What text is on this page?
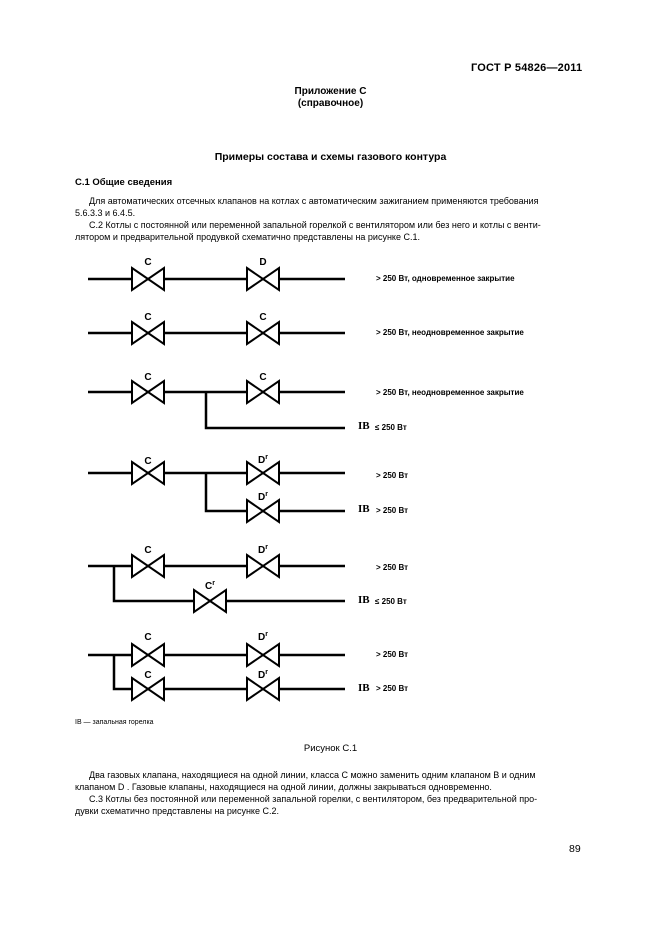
ГОСТ Р 54826—2011
Приложение С
(справочное)
Примеры состава и схемы газового контура
С.1 Общие сведения
Для автоматических отсечных клапанов на котлах с автоматическим зажиганием применяются требования
5.6.3.3 и 6.4.5.
С.2 Котлы с постоянной или переменной запальной горелкой с вентилятором или без него и котлы с венти-
лятором и предварительной продувкой схематично представлены на рисунке С.1.
С	D
С	С
С	С
С	$D^r$
$D^r$
С	$D^r$
$C^r$
С	$D^r$
С	$D^r$
> 250 Вт, одновременное закрытие
> 250 Вт, неодновременное закрытие
> 250 Вт, неодновременное закрытие
≤ 250 Вт
> 250 Вт
> 250 Вт
> 250 Вт
≤ 250 Вт
> 250 Вт
> 250 Вт
IB
IB
IB
IB
IB — запальная горелка
Рисунок С.1
Два газовых клапана, находящиеся на одной линии, класса С можно заменить одним клапаном В и одним
клапаном D . Газовые клапаны, находящиеся на одной линии, должны закрываться одновременно.
С.3 Котлы без постоянной или переменной запальной горелки, с вентилятором, без предварительной про-
дувки схематично представлены на рисунке С.2.
89
